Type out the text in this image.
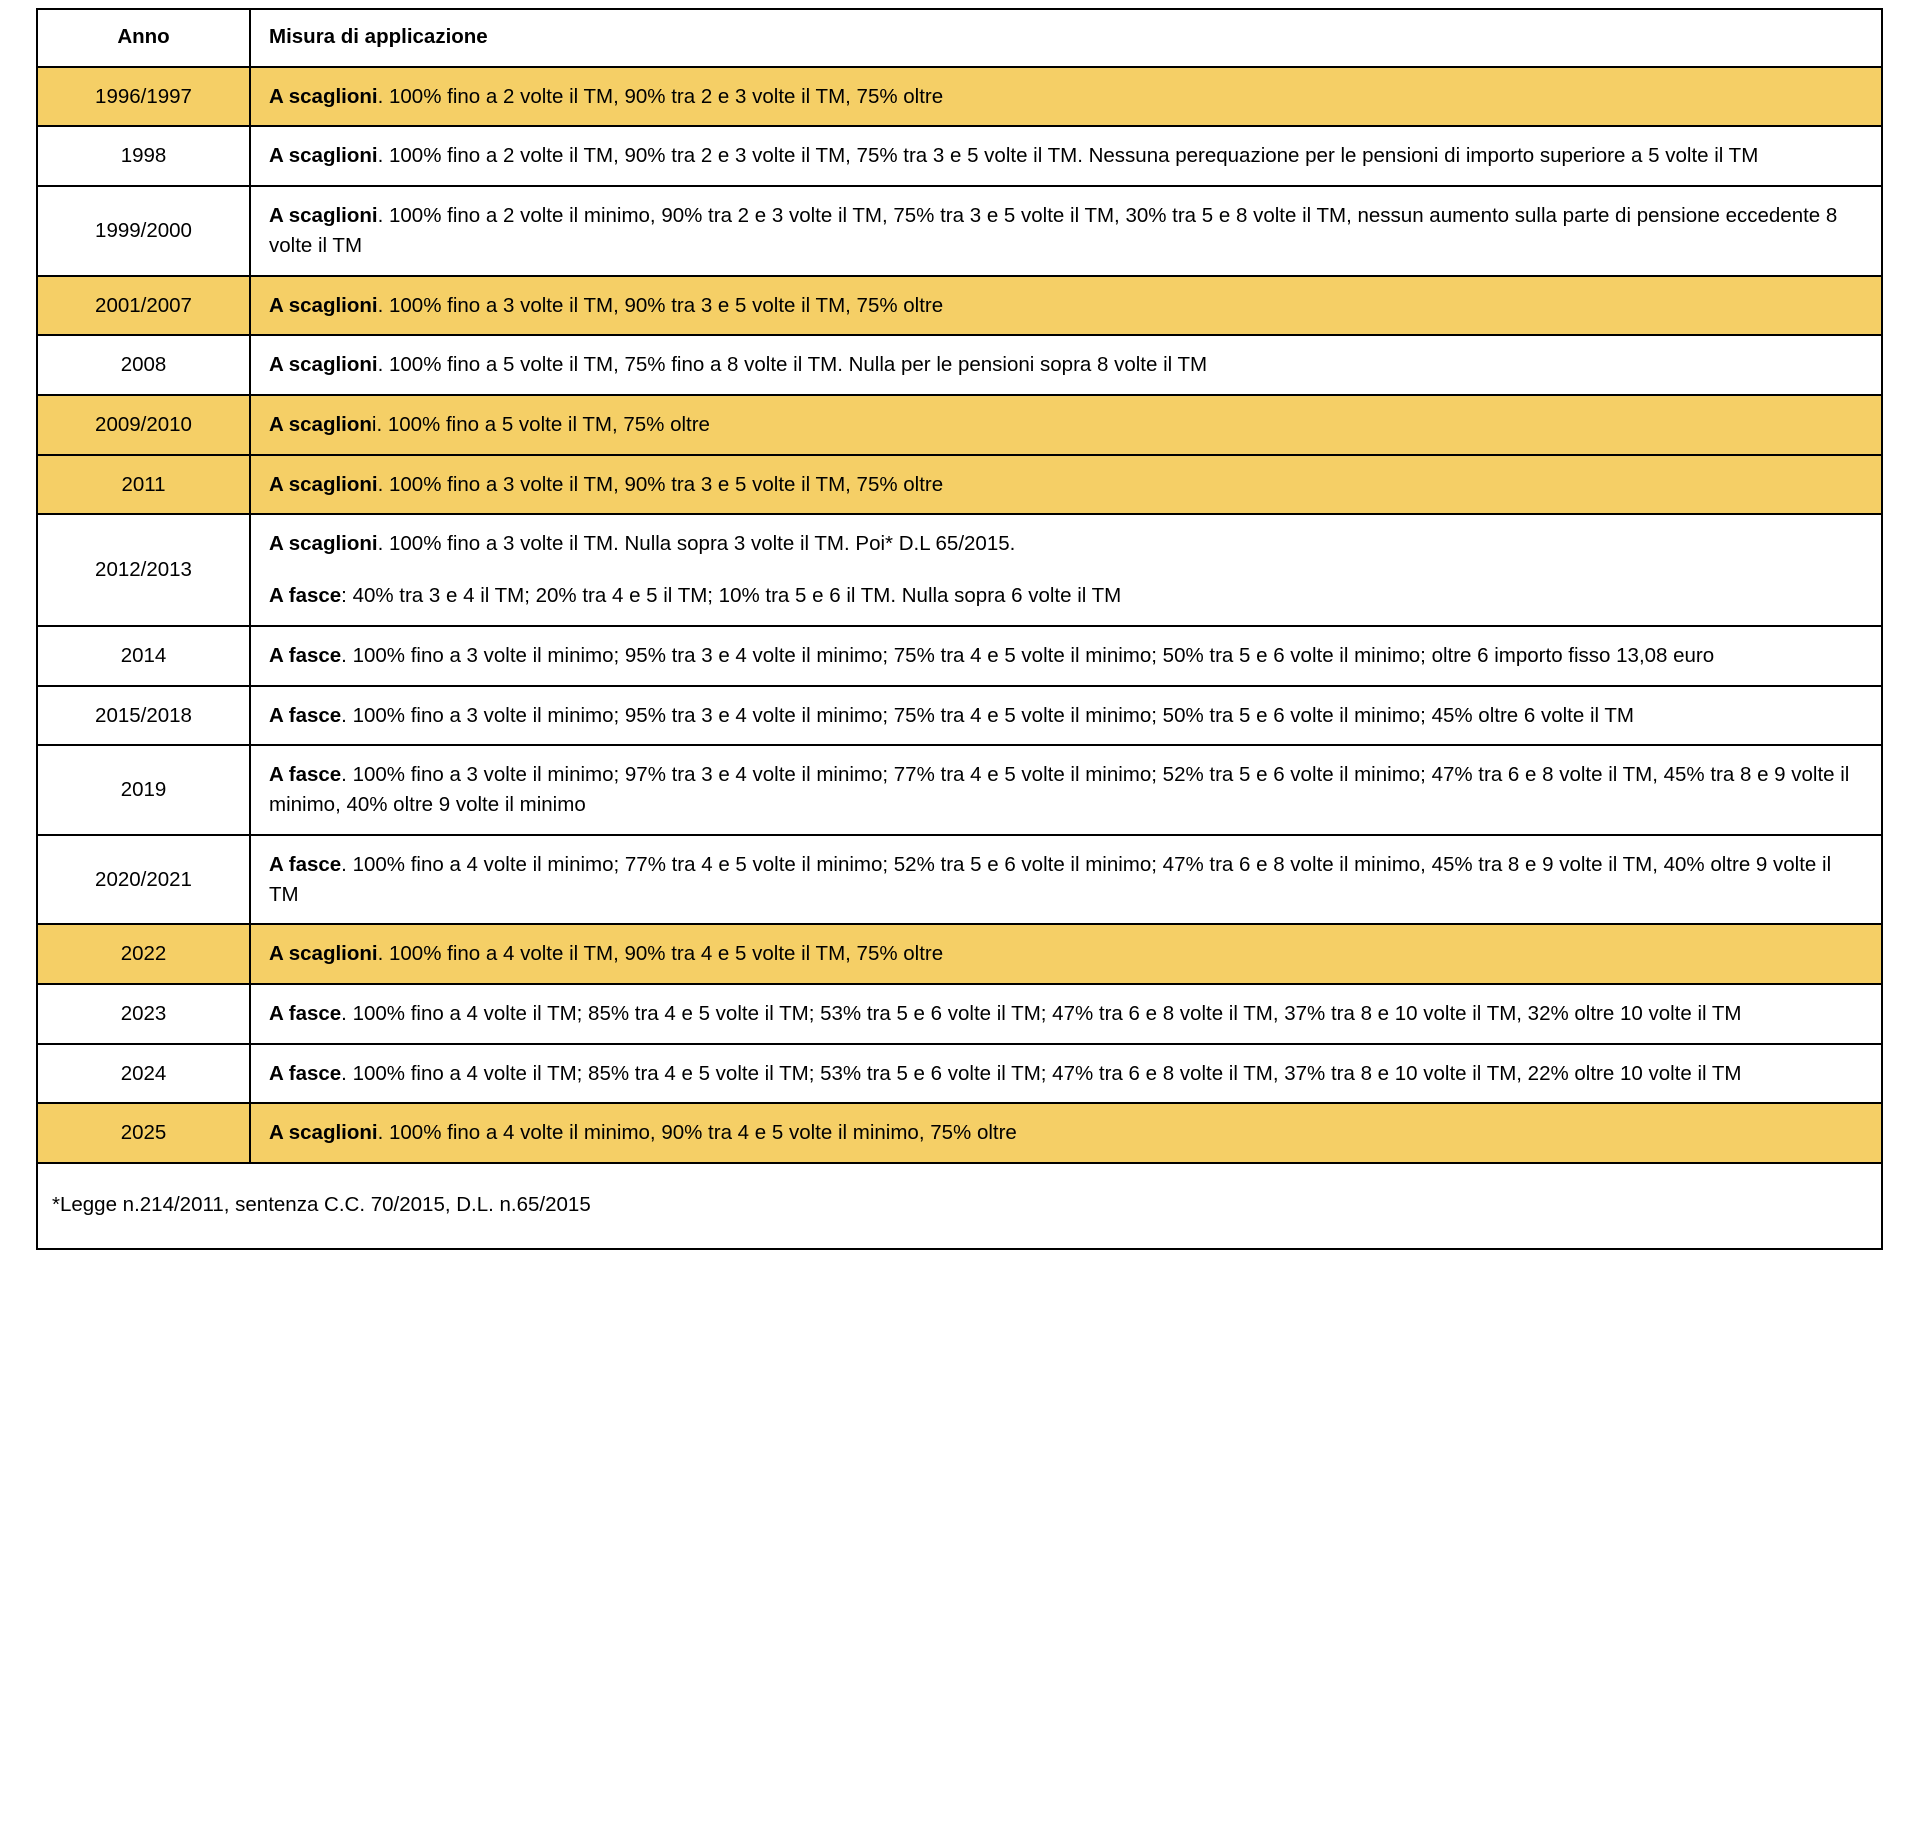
Anno	Misura di applicazione
1996/1997	A scaglioni. 100% fino a 2 volte il TM, 90% tra 2 e 3 volte il TM, 75% oltre

1998	A scaglioni. 100% fino a 2 volte il TM, 90% tra 2 e 3 volte il TM, 75% tra 3 e 5 volte il TM. Nessuna perequazione per le pensioni di importo superiore a 5 volte il TM

1999/2000	A scaglioni. 100% fino a 2 volte il minimo, 90% tra 2 e 3 volte il TM, 75% tra 3 e 5 volte il TM, 30% tra 5 e 8 volte il TM, nessun aumento sulla parte di pensione eccedente 8 volte il TM

2001/2007	A scaglioni. 100% fino a 3 volte il TM, 90% tra 3 e 5 volte il TM, 75% oltre

2008	A scaglioni. 100% fino a 5 volte il TM, 75% fino a 8 volte il TM. Nulla per le pensioni sopra 8 volte il TM

2009/2010	A scaglioni. 100% fino a 5 volte il TM, 75% oltre

2011	A scaglioni. 100% fino a 3 volte il TM, 90% tra 3 e 5 volte il TM, 75% oltre

2012/2013	A scaglioni. 100% fino a 3 volte il TM. Nulla sopra 3 volte il TM. Poi* D.L 65/2015.

A fasce: 40% tra 3 e 4 il TM; 20% tra 4 e 5 il TM; 10% tra 5 e 6 il TM. Nulla sopra 6 volte il TM

2014	A fasce. 100% fino a 3 volte il minimo; 95% tra 3 e 4 volte il minimo; 75% tra 4 e 5 volte il minimo; 50% tra 5 e 6 volte il minimo; oltre 6 importo fisso 13,08 euro

2015/2018	A fasce. 100% fino a 3 volte il minimo; 95% tra 3 e 4 volte il minimo; 75% tra 4 e 5 volte il minimo; 50% tra 5 e 6 volte il minimo; 45% oltre 6 volte il TM

2019	A fasce. 100% fino a 3 volte il minimo; 97% tra 3 e 4 volte il minimo; 77% tra 4 e 5 volte il minimo; 52% tra 5 e 6 volte il minimo; 47% tra 6 e 8 volte il TM, 45% tra 8 e 9 volte il minimo, 40% oltre 9 volte il minimo

2020/2021	A fasce. 100% fino a 4 volte il minimo; 77% tra 4 e 5 volte il minimo; 52% tra 5 e 6 volte il minimo; 47% tra 6 e 8 volte il minimo, 45% tra 8 e 9 volte il TM, 40% oltre 9 volte il TM

2022	A scaglioni. 100% fino a 4 volte il TM, 90% tra 4 e 5 volte il TM, 75% oltre

2023	A fasce. 100% fino a 4 volte il TM; 85% tra 4 e 5 volte il TM; 53% tra 5 e 6 volte il TM; 47% tra 6 e 8 volte il TM, 37% tra 8 e 10 volte il TM, 32% oltre 10 volte il TM

2024	A fasce. 100% fino a 4 volte il TM; 85% tra 4 e 5 volte il TM; 53% tra 5 e 6 volte il TM; 47% tra 6 e 8 volte il TM, 37% tra 8 e 10 volte il TM, 22% oltre 10 volte il TM

2025	A scaglioni. 100% fino a 4 volte il minimo, 90% tra 4 e 5 volte il minimo, 75% oltre

*Legge n.214/2011, sentenza C.C. 70/2015, D.L. n.65/2015	
